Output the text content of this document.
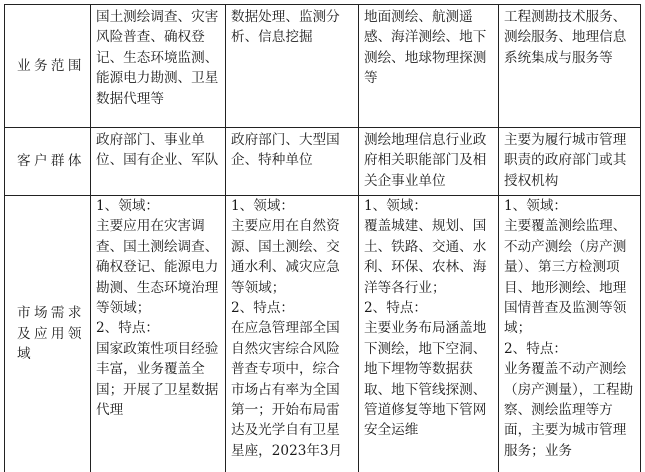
业务范围	国土测绘调查、灾害风险普查、确权登记、生态环境监测、能源电力勘测、卫星数据代理等	数据处理、监测分析、信息挖掘	地面测绘、航测遥感、海洋测绘、地下测绘、地球物理探测等	工程测勘技术服务、测绘服务、地理信息系统集成与服务等
客户群体	政府部门、事业单位、国有企业、军队	政府部门、大型国企、特种单位	测绘地理信息行业政府相关职能部门及相关企事业单位	主要为履行城市管理职责的政府部门或其授权机构
市场需求及应用领域	1、领域：
主要应用在灾害调查、国土测绘调查、确权登记、能源电力勘测、生态环境治理等领域；
2、特点：
国家政策性项目经验丰富，业务覆盖全国；开展了卫星数据代理	1、领域：
主要应用在自然资源、国土测绘、交通水利、减灾应急等领域；
2、特点：
在应急管理部全国自然灾害综合风险普查专项中，综合市场占有率为全国第一；开始布局雷达及光学自有卫星星座，2023年3月	1、领域：
覆盖城建、规划、国土、铁路、交通、水利、环保、农林、海洋等各行业；
2、特点：
主要业务布局涵盖地下测绘，地下空洞、地下埋物等数据获取、地下管线探测、管道修复等地下管网安全运维	1、领域：
主要覆盖测绘监理、不动产测绘（房产测量）、第三方检测项目、地形测绘、地理国情普查及监测等领域；
2、特点：
业务覆盖不动产测绘（房产测量），工程勘察、测绘监理等方面，主要为城市管理服务；业务
